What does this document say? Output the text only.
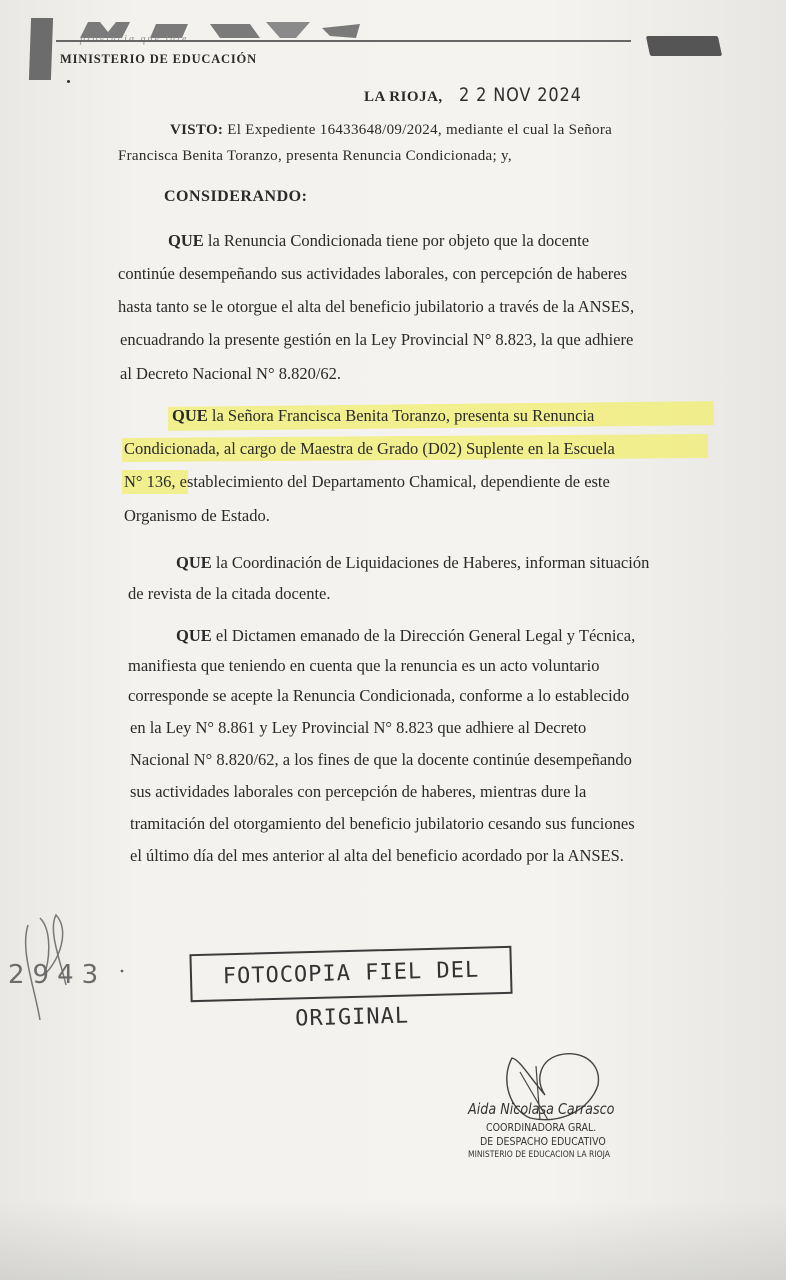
MINISTERIO DE EDUCACIÓN
LA RIOJA, 2 2 NOV 2024
VISTO: El Expediente 16433648/09/2024, mediante el cual la Señora
Francisca Benita Toranzo, presenta Renuncia Condicionada; y,
CONSIDERANDO:
QUE la Renuncia Condicionada tiene por objeto que la docente
continúe desempeñando sus actividades laborales, con percepción de haberes
hasta tanto se le otorgue el alta del beneficio jubilatorio a través de la ANSES,
encuadrando la presente gestión en la Ley Provincial N° 8.823, la que adhiere
al Decreto Nacional N° 8.820/62.
QUE la Señora Francisca Benita Toranzo, presenta su Renuncia
Condicionada, al cargo de Maestra de Grado (D02) Suplente en la Escuela
N° 136, establecimiento del Departamento Chamical, dependiente de este
Organismo de Estado.
QUE la Coordinación de Liquidaciones de Haberes, informan situación
de revista de la citada docente.
QUE el Dictamen emanado de la Dirección General Legal y Técnica,
manifiesta que teniendo en cuenta que la renuncia es un acto voluntario
corresponde se acepte la Renuncia Condicionada, conforme a lo establecido
en la Ley N° 8.861 y Ley Provincial N° 8.823 que adhiere al Decreto
Nacional N° 8.820/62, a los fines de que la docente continúe desempeñando
sus actividades laborales con percepción de haberes, mientras dure la
tramitación del otorgamiento del beneficio jubilatorio cesando sus funciones
el último día del mes anterior al alta del beneficio acordado por la ANSES.
2943	FOTOCOPIA FIEL DEL ORIGINAL
Aida Nicolasa Carrasco
COORDINADORA GRAL.
DE DESPACHO EDUCATIVO
MINISTERIO DE EDUCACION LA RIOJA
